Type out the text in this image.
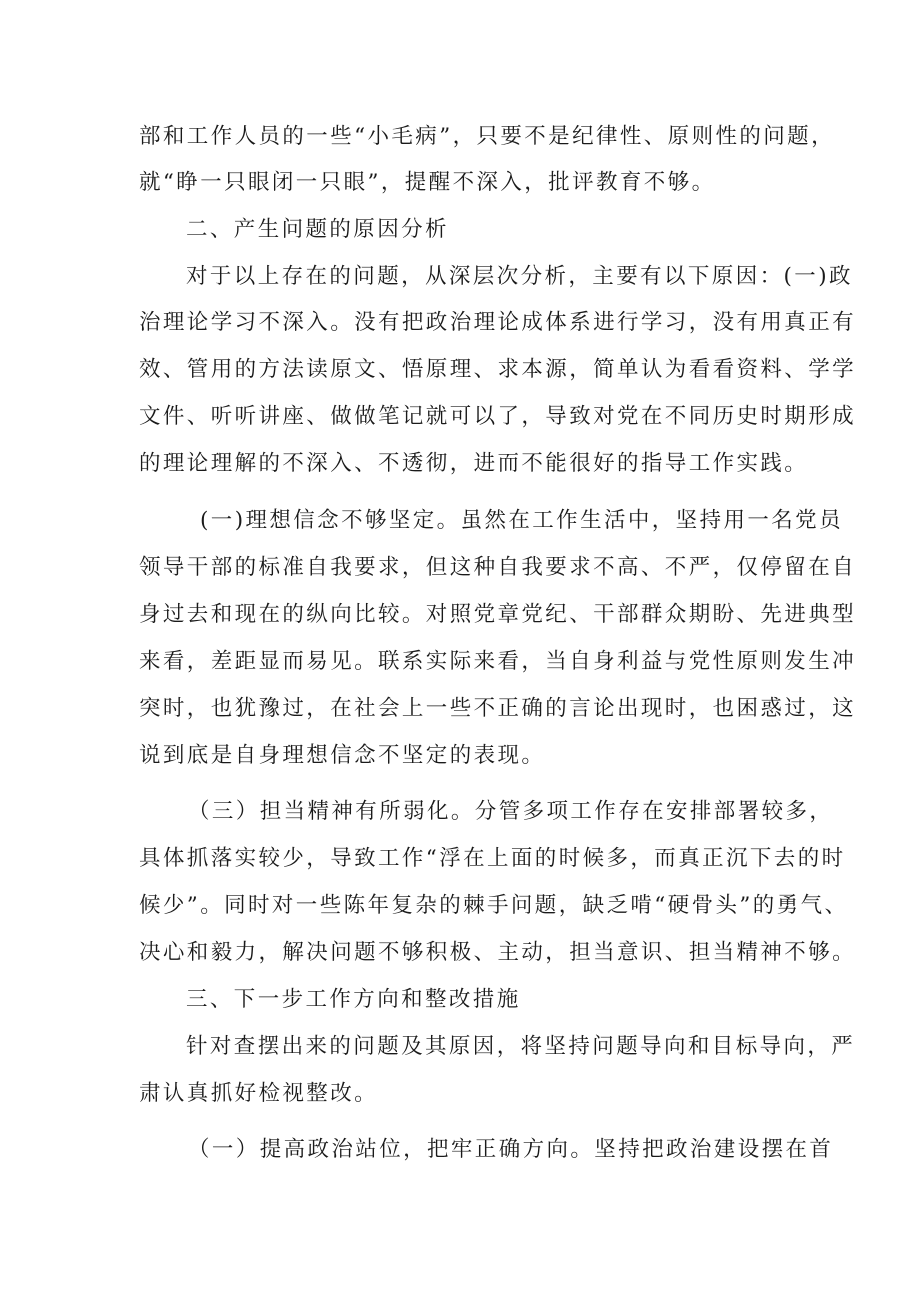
部和工作人员的一些“小毛病”，只要不是纪律性、原则性的问题，
就“睁一只眼闭一只眼”，提醒不深入，批评教育不够。
二、产生问题的原因分析
对于以上存在的问题，从深层次分析，主要有以下原因：(一)政
治理论学习不深入。没有把政治理论成体系进行学习，没有用真正有
效、管用的方法读原文、悟原理、求本源，简单认为看看资料、学学
文件、听听讲座、做做笔记就可以了，导致对党在不同历史时期形成
的理论理解的不深入、不透彻，进而不能很好的指导工作实践。
(一)理想信念不够坚定。虽然在工作生活中，坚持用一名党员
领导干部的标准自我要求，但这种自我要求不高、不严，仅停留在自
身过去和现在的纵向比较。对照党章党纪、干部群众期盼、先进典型
来看，差距显而易见。联系实际来看，当自身利益与党性原则发生冲
突时，也犹豫过，在社会上一些不正确的言论出现时，也困惑过，这
说到底是自身理想信念不坚定的表现。
（三）担当精神有所弱化。分管多项工作存在安排部署较多，
具体抓落实较少，导致工作“浮在上面的时候多，而真正沉下去的时
候少”。同时对一些陈年复杂的棘手问题，缺乏啃“硬骨头”的勇气、
决心和毅力，解决问题不够积极、主动，担当意识、担当精神不够。
三、下一步工作方向和整改措施
针对查摆出来的问题及其原因，将坚持问题导向和目标导向，严
肃认真抓好检视整改。
（一）提高政治站位，把牢正确方向。坚持把政治建设摆在首
